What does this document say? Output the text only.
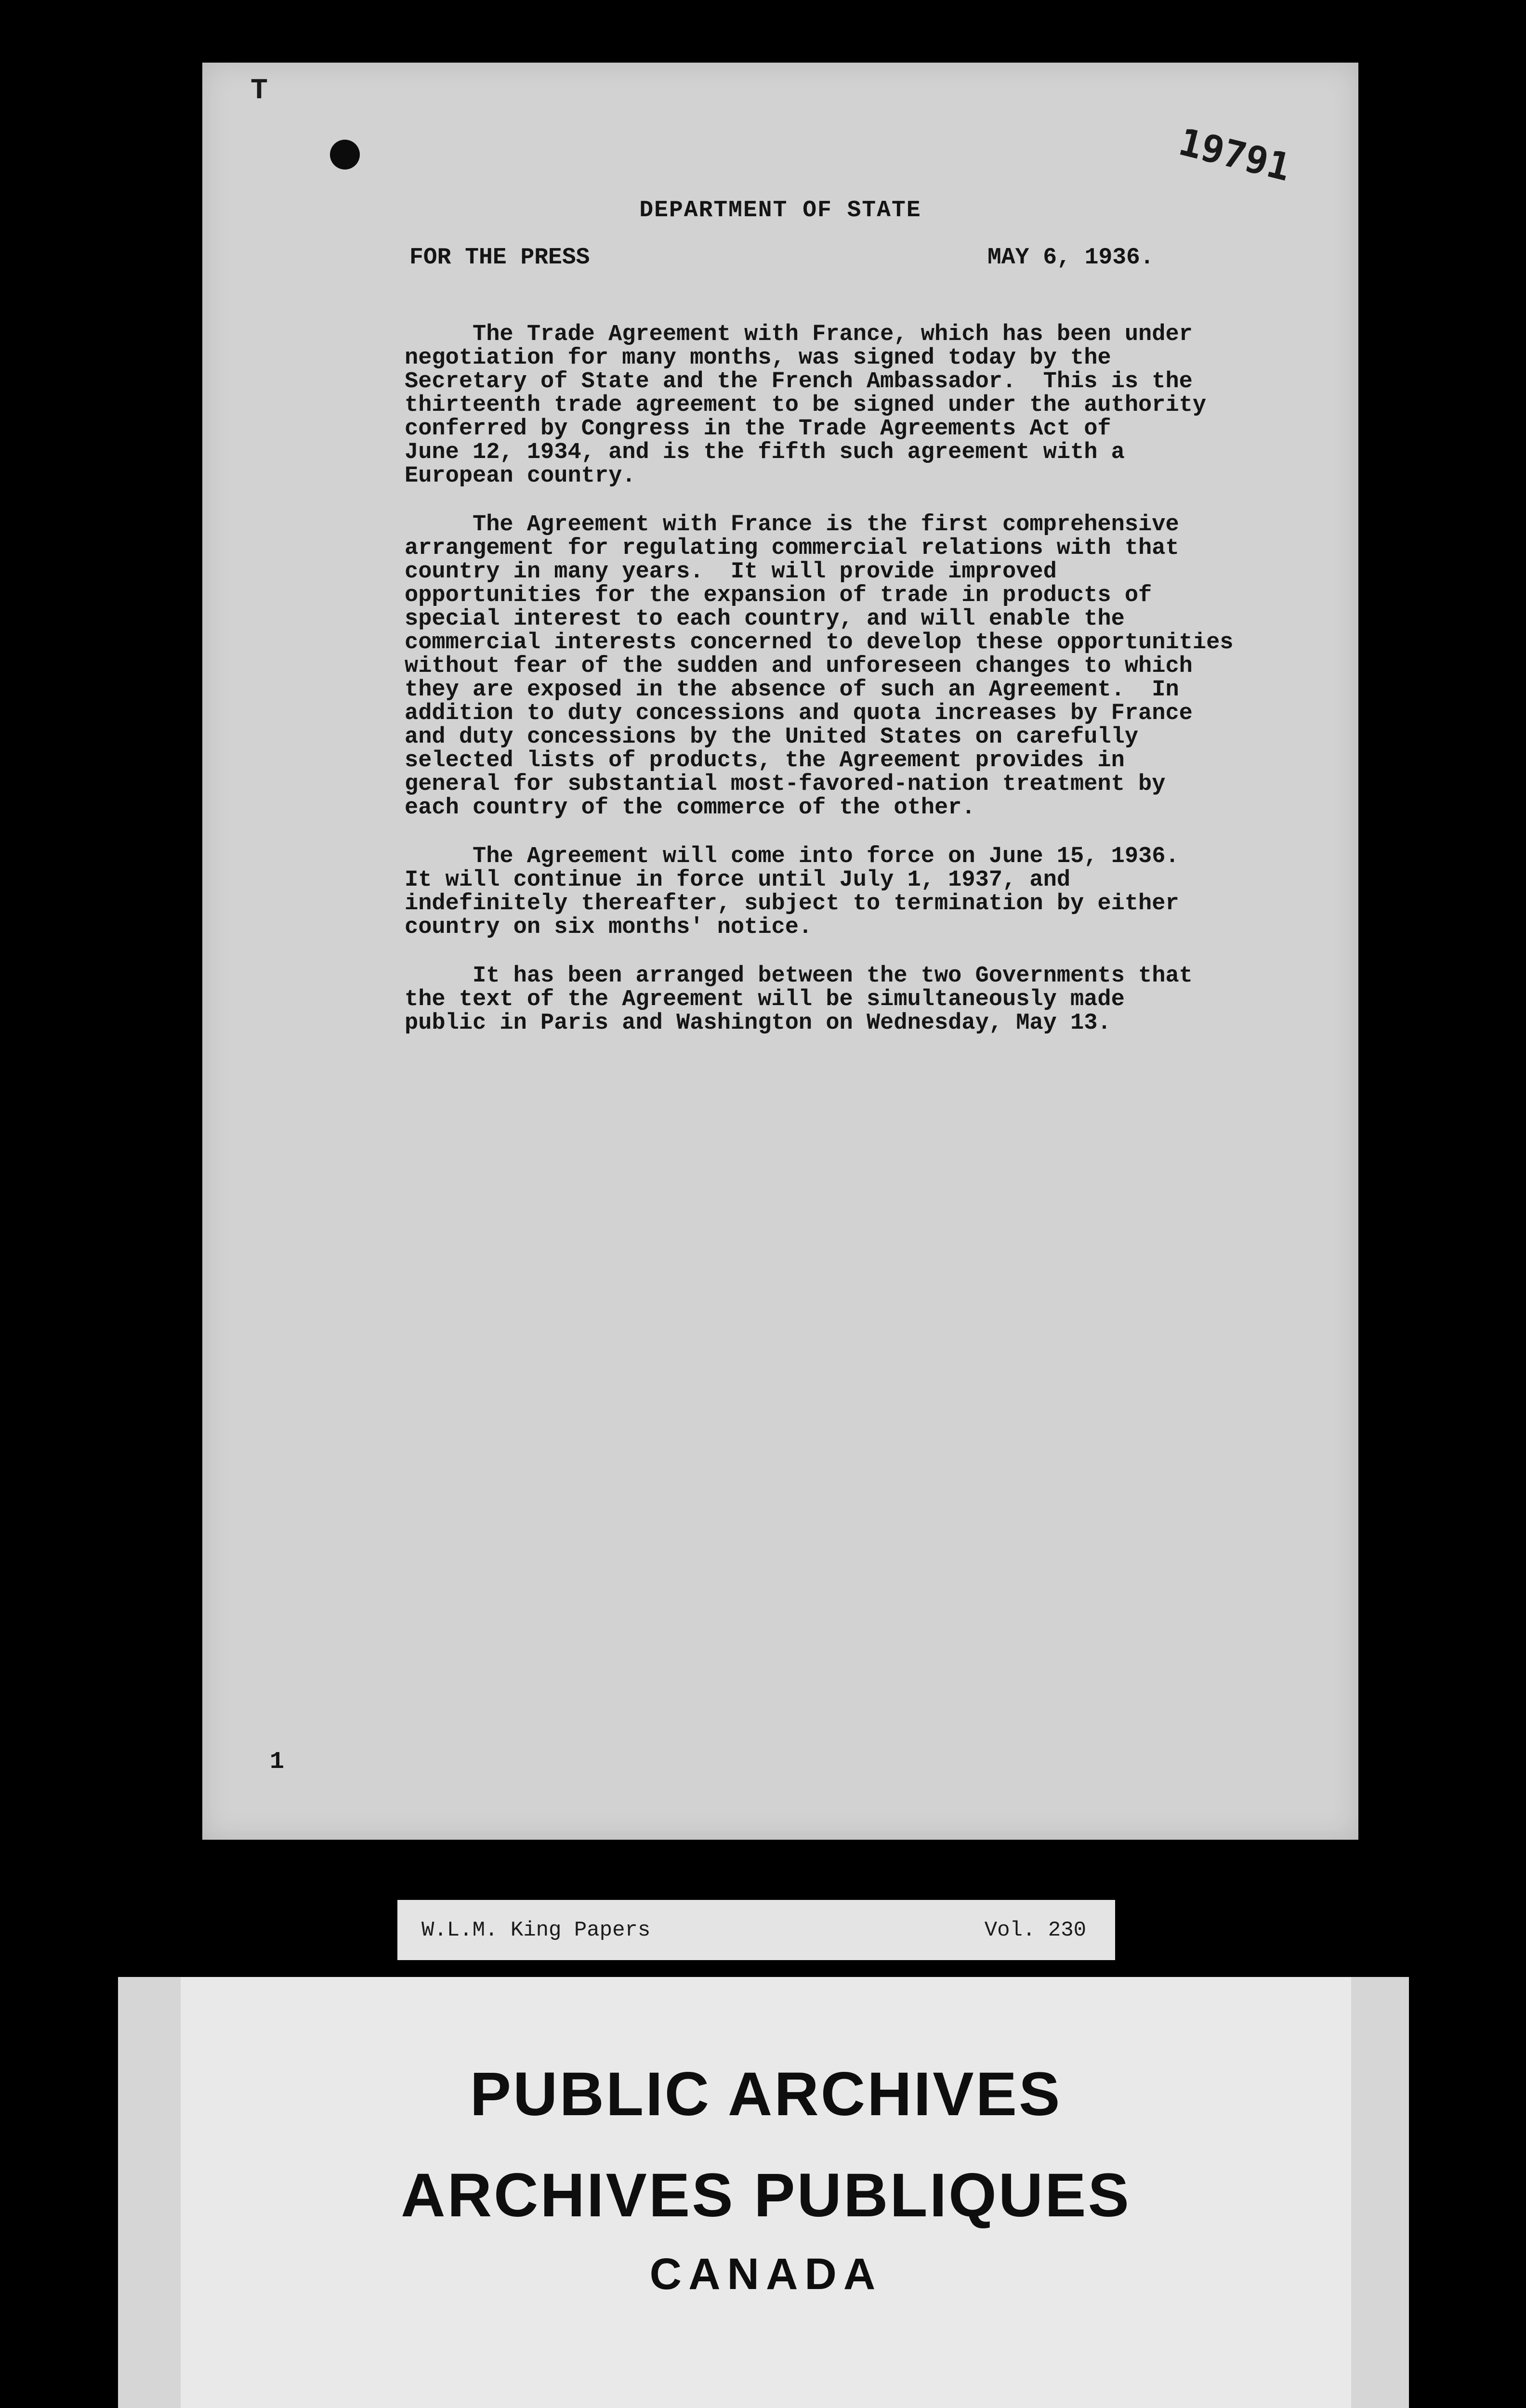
T
19791
DEPARTMENT OF STATE
FOR THE PRESS	MAY 6, 1936.

The Trade Agreement with France, which has been under
negotiation for many months, was signed today by the
Secretary of State and the French Ambassador.  This is the
thirteenth trade agreement to be signed under the authority
conferred by Congress in the Trade Agreements Act of
June 12, 1934, and is the fifth such agreement with a
European country.

The Agreement with France is the first comprehensive
arrangement for regulating commercial relations with that
country in many years.  It will provide improved
opportunities for the expansion of trade in products of
special interest to each country, and will enable the
commercial interests concerned to develop these opportunities
without fear of the sudden and unforeseen changes to which
they are exposed in the absence of such an Agreement.  In
addition to duty concessions and quota increases by France
and duty concessions by the United States on carefully
selected lists of products, the Agreement provides in
general for substantial most-favored-nation treatment by
each country of the commerce of the other.

The Agreement will come into force on June 15, 1936.
It will continue in force until July 1, 1937, and
indefinitely thereafter, subject to termination by either
country on six months' notice.

It has been arranged between the two Governments that
the text of the Agreement will be simultaneously made
public in Paris and Washington on Wednesday, May 13.

1
W.L.M. King Papers	Vol. 230
PUBLIC ARCHIVES
ARCHIVES PUBLIQUES
CANADA
